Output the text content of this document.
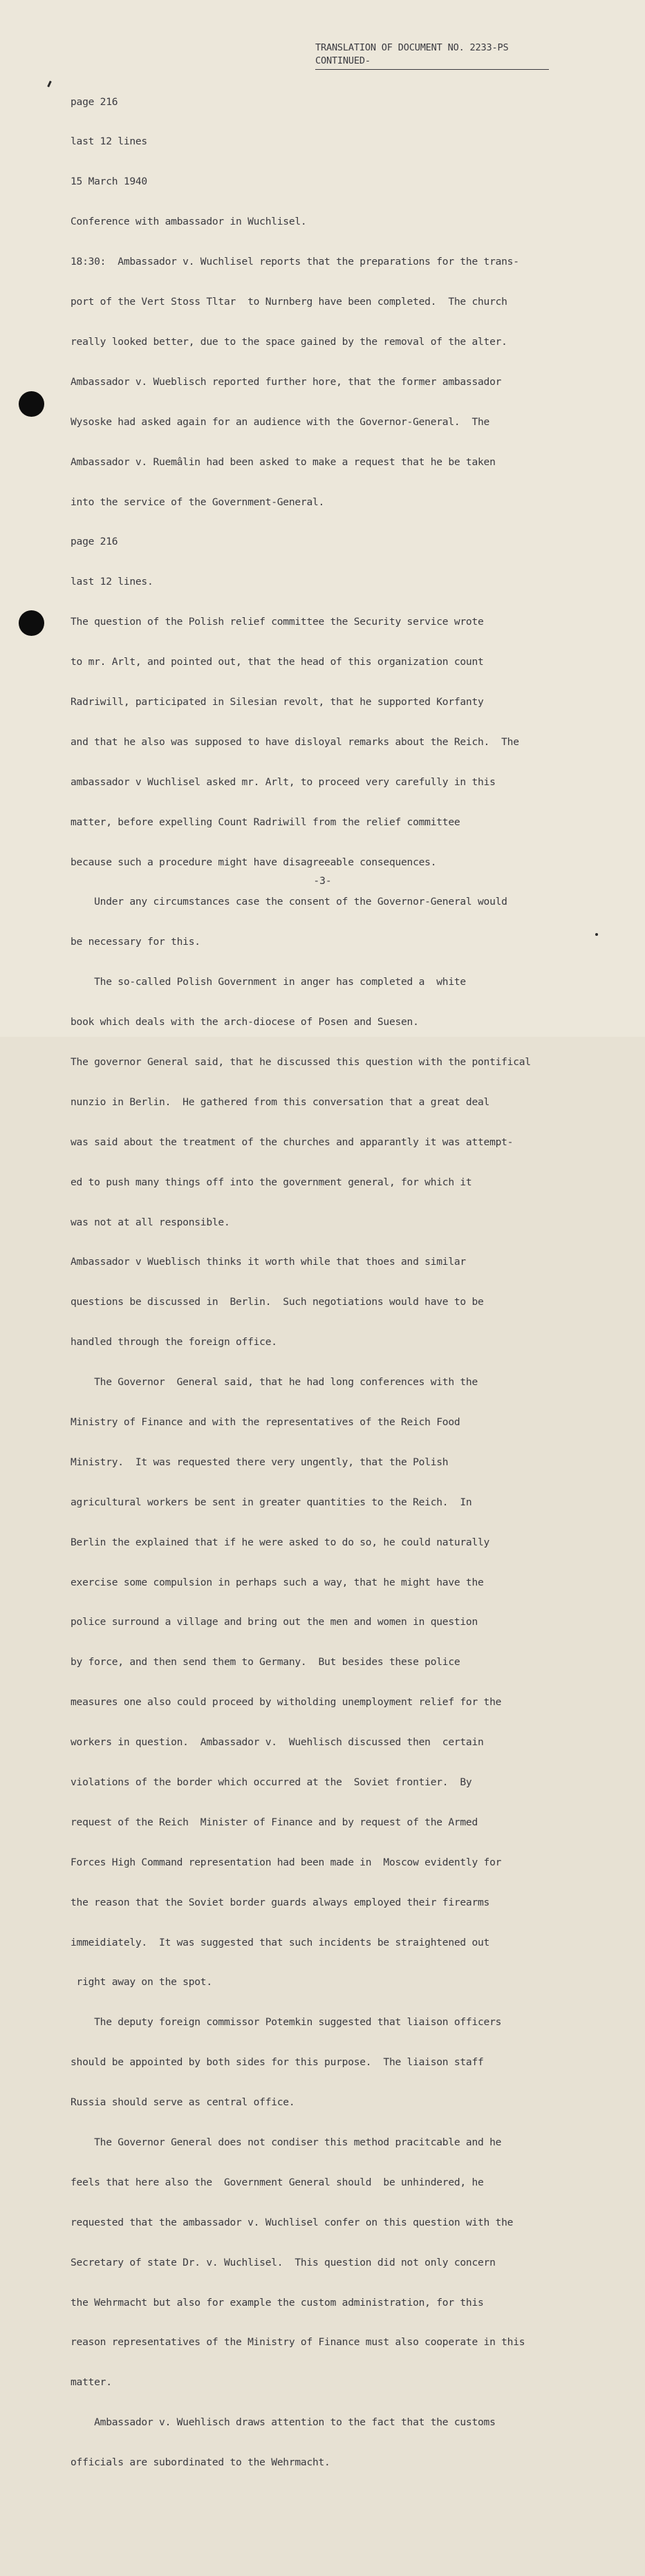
TRANSLATION OF DOCUMENT NO. 2233-PS
CONTINUED-

page 216

last 12 lines

15 March 1940

Conference with ambassador in Wuchlisel.

18:30:  Ambassador v. Wuchlisel reports that the preparations for the trans-

port of the Vert Stoss Tltar  to Nurnberg have been completed.  The church

really looked better, due to the space gained by the removal of the alter.

Ambassador v. Wueblisch reported further hore, that the former ambassador

Wysoske had asked again for an audience with the Governor-General.  The

Ambassador v. Ruemâlin had been asked to make a request that he be taken

into the service of the Government-General.

page 216

last 12 lines.

The question of the Polish relief committee the Security service wrote

to mr. Arlt, and pointed out, that the head of this organization count

Radriwill, participated in Silesian revolt, that he supported Korfanty

and that he also was supposed to have disloyal remarks about the Reich.  The

ambassador v Wuchlisel asked mr. Arlt, to proceed very carefully in this

matter, before expelling Count Radriwill from the relief committee

because such a procedure might have disagreeable consequences.

Under any circumstances case the consent of the Governor-General would

be necessary for this.

The so-called Polish Government in anger has completed a  white

book which deals with the arch-diocese of Posen and Suesen.

The governor General said, that he discussed this question with the pontifical

nunzio in Berlin.  He gathered from this conversation that a great deal

was said about the treatment of the churches and apparantly it was attempt-

ed to push many things off into the government general, for which it

was not at all responsible.

Ambassador v Wueblisch thinks it worth while that thoes and similar

questions be discussed in  Berlin.  Such negotiations would have to be

handled through the foreign office.

The Governor  General said, that he had long conferences with the

Ministry of Finance and with the representatives of the Reich Food

Ministry.  It was requested there very ungently, that the Polish

agricultural workers be sent in greater quantities to the Reich.  In

Berlin the explained that if he were asked to do so, he could naturally

exercise some compulsion in perhaps such a way, that he might have the

police surround a village and bring out the men and women in question

by force, and then send them to Germany.  But besides these police

measures one also could proceed by witholding unemployment relief for the

workers in question.  Ambassador v.  Wuehlisch discussed then  certain

violations of the border which occurred at the  Soviet frontier.  By

request of the Reich  Minister of Finance and by request of the Armed

Forces High Command representation had been made in  Moscow evidently for

the reason that the Soviet border guards always employed their firearms

immeidiately.  It was suggested that such incidents be straightened out

right away on the spot.

The deputy foreign commissor Potemkin suggested that liaison officers

should be appointed by both sides for this purpose.  The liaison staff

Russia should serve as central office.

The Governor General does not condiser this method pracitcable and he

feels that here also the  Government General should  be unhindered, he

requested that the ambassador v. Wuchlisel confer on this question with the

Secretary of state Dr. v. Wuchlisel.  This question did not only concern

the Wehrmacht but also for example the custom administration, for this

reason representatives of the Ministry of Finance must also cooperate in this

matter.

Ambassador v. Wuehlisch draws attention to the fact that the customs

officials are subordinated to the Wehrmacht.

-3-
